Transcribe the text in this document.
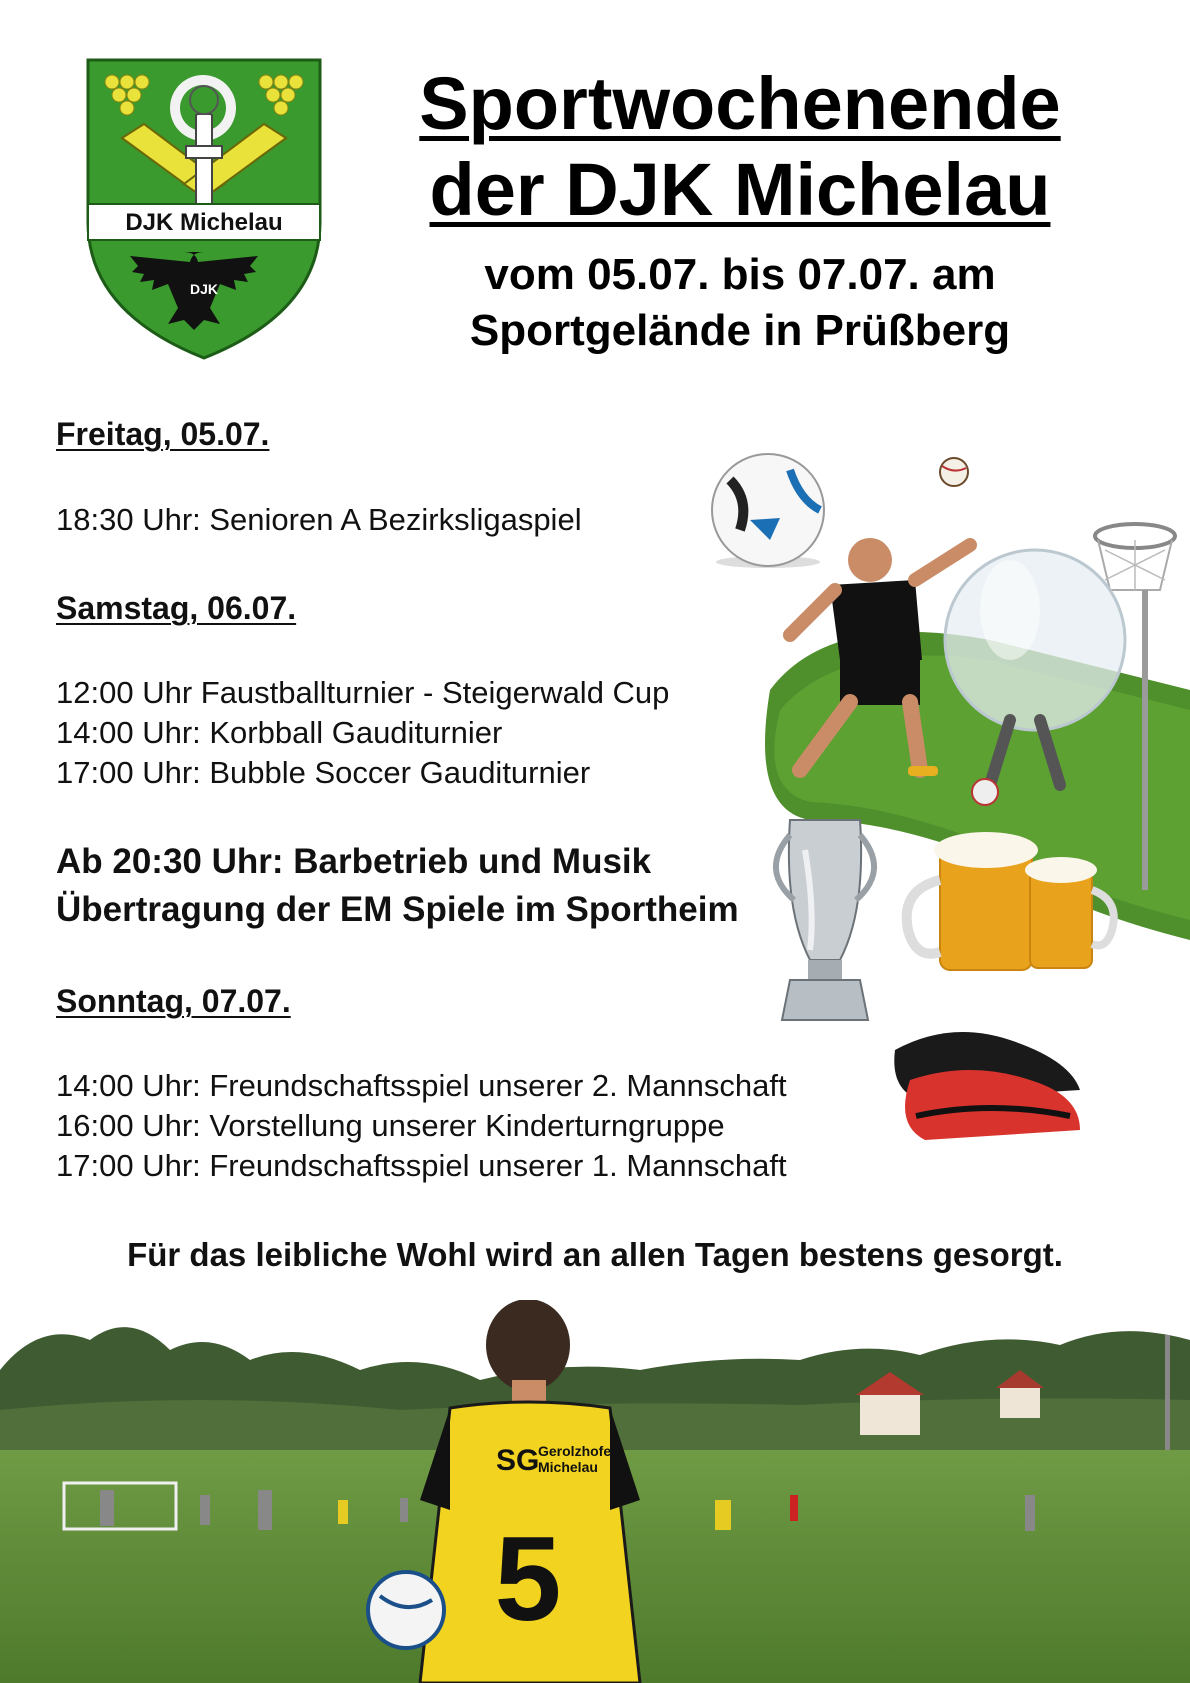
DJK Michelau
DJK
Sportwochenende
der DJK Michelau
vom 05.07. bis 07.07. am
Sportgelände in Prüßberg
Freitag, 05.07.
18:30 Uhr: Senioren A Bezirksligaspiel
Samstag, 06.07.
12:00 Uhr Faustballturnier - Steigerwald Cup
14:00 Uhr: Korbball Gauditurnier
17:00 Uhr: Bubble Soccer Gauditurnier
Ab 20:30 Uhr: Barbetrieb und Musik
Übertragung der EM Spiele im Sportheim
Sonntag, 07.07.
14:00 Uhr: Freundschaftsspiel unserer 2. Mannschaft
16:00 Uhr: Vorstellung unserer Kinderturngruppe
17:00 Uhr: Freundschaftsspiel unserer 1. Mannschaft
Für das leibliche Wohl wird an allen Tagen bestens gesorgt.
SG
Gerolzhofen
Michelau
5
